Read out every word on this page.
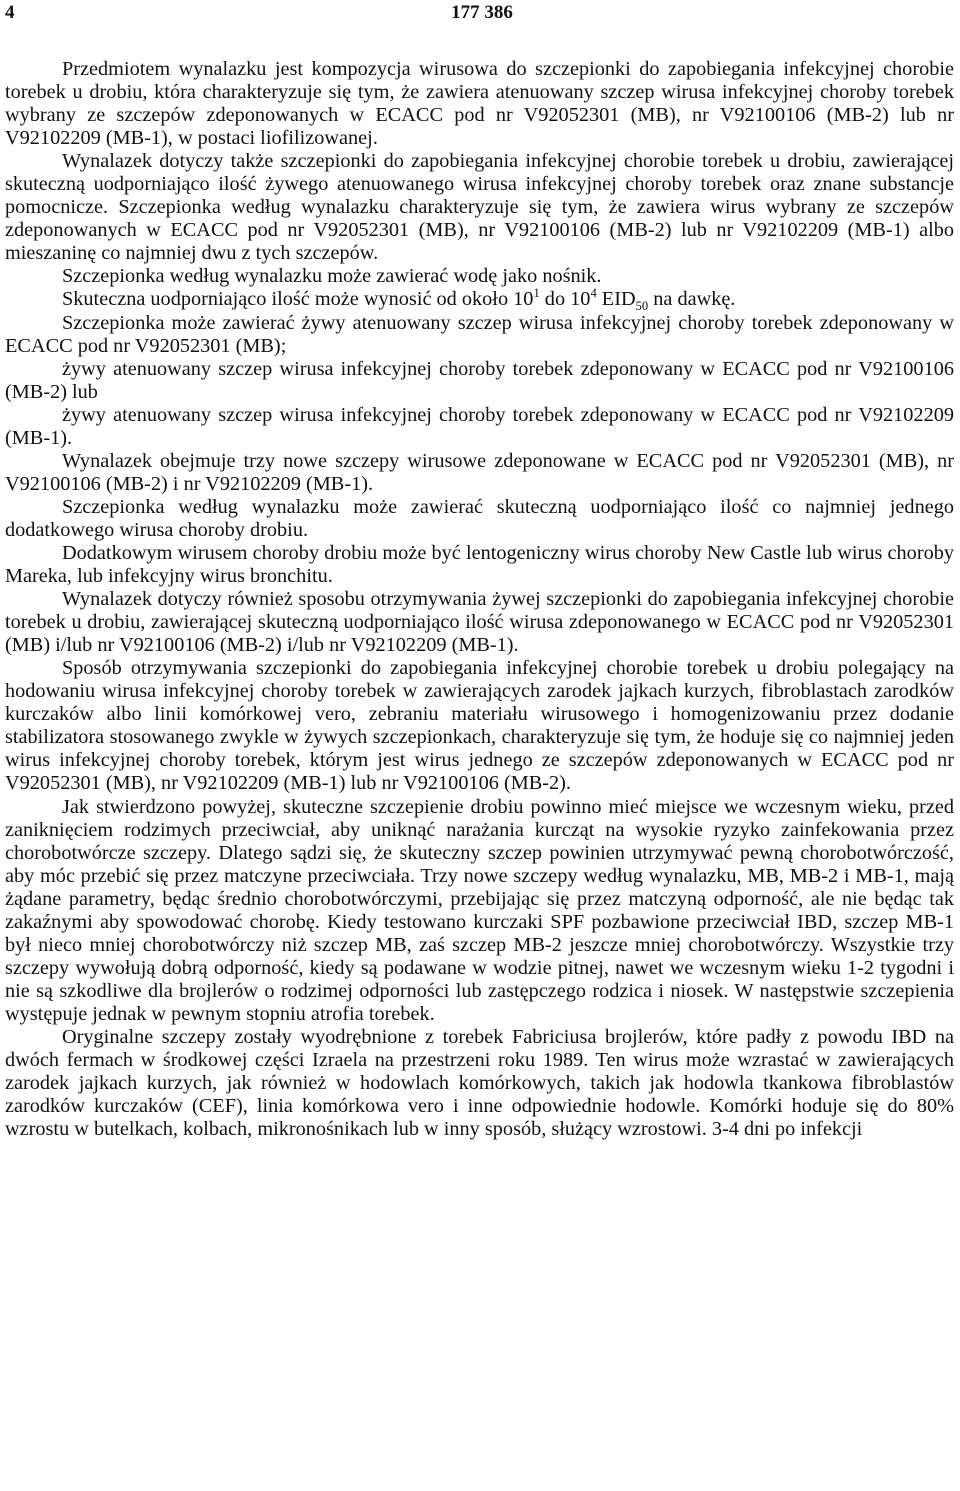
4	177 386

Przedmiotem wynalazku jest kompozycja wirusowa do szczepionki do zapobiegania infekcyjnej chorobie torebek u drobiu, która charakteryzuje się tym, że zawiera atenuowany szczep wirusa infekcyjnej choroby torebek wybrany ze szczepów zdeponowanych w ECACC pod nr V92052301 (MB), nr V92100106 (MB-2) lub nr V92102209 (MB-1), w postaci liofilizowanej.

Wynalazek dotyczy także szczepionki do zapobiegania infekcyjnej chorobie torebek u drobiu, zawierającej skuteczną uodporniająco ilość żywego atenuowanego wirusa infekcyjnej choroby torebek oraz znane substancje pomocnicze. Szczepionka według wynalazku charakteryzuje się tym, że zawiera wirus wybrany ze szczepów zdeponowanych w ECACC pod nr V92052301 (MB), nr V92100106 (MB-2) lub nr V92102209 (MB-1) albo mieszaninę co najmniej dwu z tych szczepów.

Szczepionka według wynalazku może zawierać wodę jako nośnik.

Skuteczna uodporniająco ilość może wynosić od około $10^1$ do $10^4$ $EID_{50}$ na dawkę.

Szczepionka może zawierać żywy atenuowany szczep wirusa infekcyjnej choroby torebek zdeponowany w ECACC pod nr V92052301 (MB);

żywy atenuowany szczep wirusa infekcyjnej choroby torebek zdeponowany w ECACC pod nr V92100106 (MB-2) lub

żywy atenuowany szczep wirusa infekcyjnej choroby torebek zdeponowany w ECACC pod nr V92102209 (MB-1).

Wynalazek obejmuje trzy nowe szczepy wirusowe zdeponowane w ECACC pod nr V92052301 (MB), nr V92100106 (MB-2) i nr V92102209 (MB-1).

Szczepionka według wynalazku może zawierać skuteczną uodporniająco ilość co najmniej jednego dodatkowego wirusa choroby drobiu.

Dodatkowym wirusem choroby drobiu może być lentogeniczny wirus choroby New Castle lub wirus choroby Mareka, lub infekcyjny wirus bronchitu.

Wynalazek dotyczy również sposobu otrzymywania żywej szczepionki do zapobiegania infekcyjnej chorobie torebek u drobiu, zawierającej skuteczną uodporniająco ilość wirusa zdeponowanego w ECACC pod nr V92052301 (MB) i/lub nr V92100106 (MB-2) i/lub nr V92102209 (MB-1).

Sposób otrzymywania szczepionki do zapobiegania infekcyjnej chorobie torebek u drobiu polegający na hodowaniu wirusa infekcyjnej choroby torebek w zawierających zarodek jajkach kurzych, fibroblastach zarodków kurczaków albo linii komórkowej vero, zebraniu materiału wirusowego i homogenizowaniu przez dodanie stabilizatora stosowanego zwykle w żywych szczepionkach, charakteryzuje się tym, że hoduje się co najmniej jeden wirus infekcyjnej choroby torebek, którym jest wirus jednego ze szczepów zdeponowanych w ECACC pod nr V92052301 (MB), nr V92102209 (MB-1) lub nr V92100106 (MB-2).

Jak stwierdzono powyżej, skuteczne szczepienie drobiu powinno mieć miejsce we wczesnym wieku, przed zaniknięciem rodzimych przeciwciał, aby uniknąć narażania kurcząt na wysokie ryzyko zainfekowania przez chorobotwórcze szczepy. Dlatego sądzi się, że skuteczny szczep powinien utrzymywać pewną chorobotwórczość, aby móc przebić się przez matczyne przeciwciała. Trzy nowe szczepy według wynalazku, MB, MB-2 i MB-1, mają żądane parametry, będąc średnio chorobotwórczymi, przebijając się przez matczyną odporność, ale nie będąc tak zakaźnymi aby spowodować chorobę. Kiedy testowano kurczaki SPF pozbawione przeciwciał IBD, szczep MB-1 był nieco mniej chorobotwórczy niż szczep MB, zaś szczep MB-2 jeszcze mniej chorobotwórczy. Wszystkie trzy szczepy wywołują dobrą odporność, kiedy są podawane w wodzie pitnej, nawet we wczesnym wieku 1-2 tygodni i nie są szkodliwe dla brojlerów o rodzimej odporności lub zastępczego rodzica i niosek. W następstwie szczepienia występuje jednak w pewnym stopniu atrofia torebek.

Oryginalne szczepy zostały wyodrębnione z torebek Fabriciusa brojlerów, które padły z powodu IBD na dwóch fermach w środkowej części Izraela na przestrzeni roku 1989. Ten wirus może wzrastać w zawierających zarodek jajkach kurzych, jak również w hodowlach komórkowych, takich jak hodowla tkankowa fibroblastów zarodków kurczaków (CEF), linia komórkowa vero i inne odpowiednie hodowle. Komórki hoduje się do 80% wzrostu w butelkach, kolbach, mikronośnikach lub w inny sposób, służący wzrostowi. 3-4 dni po infekcji
